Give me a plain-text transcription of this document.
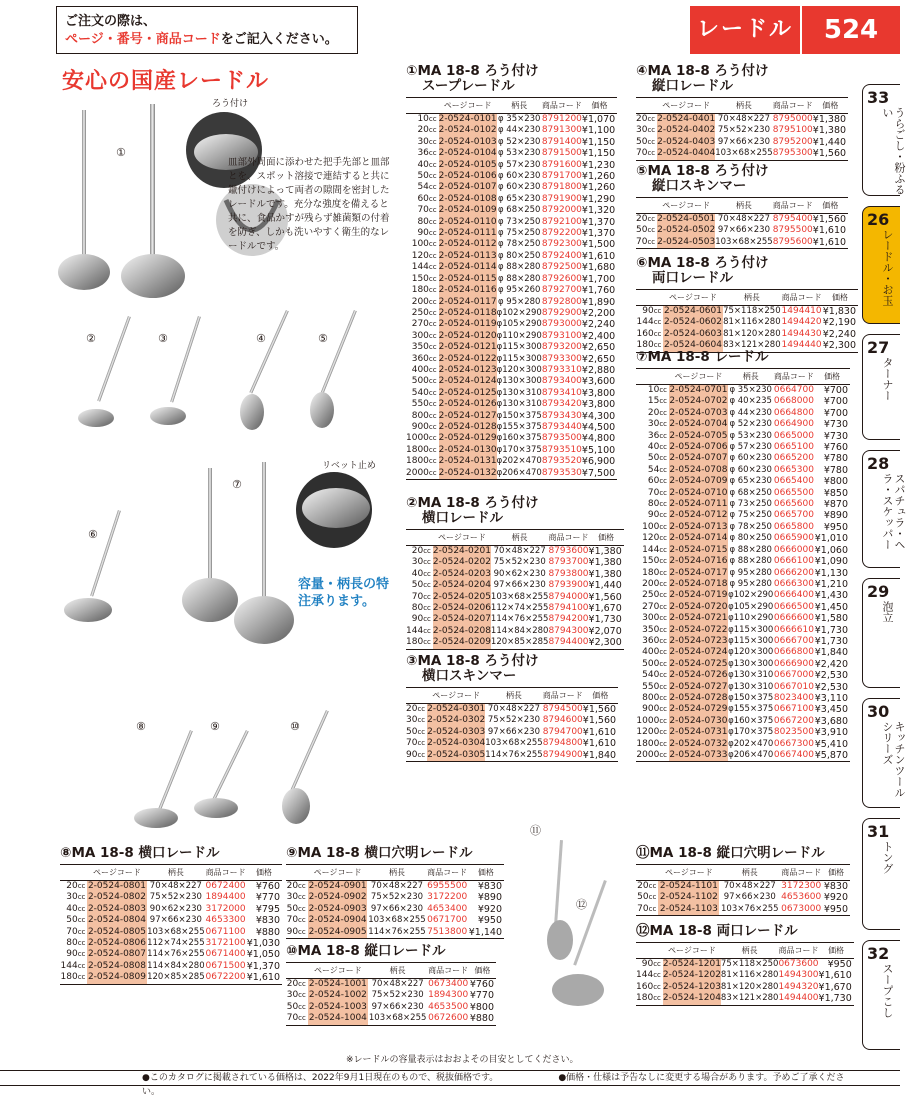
ご注文の際は、
ページ・番号・商品コードをご記入ください。	レードル	524
安心の国産レードル
ろう付け
リベット止め
皿部外周面に添わせた把手先部と皿部とを、スポット溶接で連結すると共に鑞付けによって両者の隙間を密封したレードルです。充分な強度を備えると共に、食品かすが残らず雑菌類の付着を防ぎ、しかも洗いやすく衛生的なレードルです。
容量・柄長の特注承ります。
①
②	③	④	⑤
⑥
⑦
⑧	⑨	⑩
⑪
⑫
①MA 18-8 ろう付け
スープレードル
	ページコード	柄長	商品コード	価格
10cc	2-0524-0101	φ 35×230	8791200	¥1,070
20cc	2-0524-0102	φ 44×230	8791300	¥1,100
30cc	2-0524-0103	φ 52×230	8791400	¥1,150
36cc	2-0524-0104	φ 53×230	8791500	¥1,150
40cc	2-0524-0105	φ 57×230	8791600	¥1,230
50cc	2-0524-0106	φ 60×230	8791700	¥1,260
54cc	2-0524-0107	φ 60×230	8791800	¥1,260
60cc	2-0524-0108	φ 65×230	8791900	¥1,290
70cc	2-0524-0109	φ 68×250	8792000	¥1,320
80cc	2-0524-0110	φ 73×250	8792100	¥1,370
90cc	2-0524-0111	φ 75×250	8792200	¥1,370
100cc	2-0524-0112	φ 78×250	8792300	¥1,500
120cc	2-0524-0113	φ 80×250	8792400	¥1,610
144cc	2-0524-0114	φ 88×280	8792500	¥1,680
150cc	2-0524-0115	φ 88×280	8792600	¥1,700
180cc	2-0524-0116	φ 95×260	8792700	¥1,760
200cc	2-0524-0117	φ 95×280	8792800	¥1,890
250cc	2-0524-0118	φ102×290	8792900	¥2,200
270cc	2-0524-0119	φ105×290	8793000	¥2,240
300cc	2-0524-0120	φ110×290	8793100	¥2,400
350cc	2-0524-0121	φ115×300	8793200	¥2,650
360cc	2-0524-0122	φ115×300	8793300	¥2,650
400cc	2-0524-0123	φ120×300	8793310	¥2,880
500cc	2-0524-0124	φ130×300	8793400	¥3,600
540cc	2-0524-0125	φ130×310	8793410	¥3,800
550cc	2-0524-0126	φ130×310	8793420	¥3,800
800cc	2-0524-0127	φ150×375	8793430	¥4,300
900cc	2-0524-0128	φ155×375	8793440	¥4,500
1000cc	2-0524-0129	φ160×375	8793500	¥4,800
1800cc	2-0524-0130	φ170×375	8793510	¥5,100
1800cc	2-0524-0131	φ202×470	8793520	¥6,900
2000cc	2-0524-0132	φ206×470	8793530	¥7,500
②MA 18-8 ろう付け
横口レードル
	ページコード	柄長	商品コード	価格
20cc	2-0524-0201	70×48×227	8793600	¥1,380
30cc	2-0524-0202	75×52×230	8793700	¥1,380
40cc	2-0524-0203	90×62×230	8793800	¥1,380
50cc	2-0524-0204	97×66×230	8793900	¥1,440
70cc	2-0524-0205	103×68×255	8794000	¥1,560
80cc	2-0524-0206	112×74×255	8794100	¥1,670
90cc	2-0524-0207	114×76×255	8794200	¥1,730
144cc	2-0524-0208	114×84×280	8794300	¥2,070
180cc	2-0524-0209	120×85×285	8794400	¥2,300
③MA 18-8 ろう付け
横口スキンマー
	ページコード	柄長	商品コード	価格
20cc	2-0524-0301	70×48×227	8794500	¥1,560
30cc	2-0524-0302	75×52×230	8794600	¥1,560
50cc	2-0524-0303	97×66×230	8794700	¥1,610
70cc	2-0524-0304	103×68×255	8794800	¥1,610
90cc	2-0524-0305	114×76×255	8794900	¥1,840
④MA 18-8 ろう付け
縦口レードル
	ページコード	柄長	商品コード	価格
20cc	2-0524-0401	70×48×227	8795000	¥1,380
30cc	2-0524-0402	75×52×230	8795100	¥1,380
50cc	2-0524-0403	97×66×230	8795200	¥1,440
70cc	2-0524-0404	103×68×255	8795300	¥1,560
⑤MA 18-8 ろう付け
縦口スキンマー
	ページコード	柄長	商品コード	価格
20cc	2-0524-0501	70×48×227	8795400	¥1,560
50cc	2-0524-0502	97×66×230	8795500	¥1,610
70cc	2-0524-0503	103×68×255	8795600	¥1,610
⑥MA 18-8 ろう付け
両口レードル
	ページコード	柄長	商品コード	価格
90cc	2-0524-0601	75×118×250	1494410	¥1,830
144cc	2-0524-0602	81×116×280	1494420	¥2,190
160cc	2-0524-0603	81×120×280	1494430	¥2,240
180cc	2-0524-0604	83×121×280	1494440	¥2,300
⑦MA 18-8 レードル
	ページコード	柄長	商品コード	価格
10cc	2-0524-0701	φ 35×230	0664700	¥700
15cc	2-0524-0702	φ 40×235	0668000	¥700
20cc	2-0524-0703	φ 44×230	0664800	¥700
30cc	2-0524-0704	φ 52×230	0664900	¥730
36cc	2-0524-0705	φ 53×230	0665000	¥730
40cc	2-0524-0706	φ 57×230	0665100	¥760
50cc	2-0524-0707	φ 60×230	0665200	¥780
54cc	2-0524-0708	φ 60×230	0665300	¥780
60cc	2-0524-0709	φ 65×230	0665400	¥800
70cc	2-0524-0710	φ 68×250	0665500	¥850
80cc	2-0524-0711	φ 73×250	0665600	¥870
90cc	2-0524-0712	φ 75×250	0665700	¥890
100cc	2-0524-0713	φ 78×250	0665800	¥950
120cc	2-0524-0714	φ 80×250	0665900	¥1,010
144cc	2-0524-0715	φ 88×280	0666000	¥1,060
150cc	2-0524-0716	φ 88×280	0666100	¥1,090
180cc	2-0524-0717	φ 95×280	0666200	¥1,130
200cc	2-0524-0718	φ 95×280	0666300	¥1,210
250cc	2-0524-0719	φ102×290	0666400	¥1,430
270cc	2-0524-0720	φ105×290	0666500	¥1,450
300cc	2-0524-0721	φ110×290	0666600	¥1,580
350cc	2-0524-0722	φ115×300	0666610	¥1,730
360cc	2-0524-0723	φ115×300	0666700	¥1,730
400cc	2-0524-0724	φ120×300	0666800	¥1,840
500cc	2-0524-0725	φ130×300	0666900	¥2,420
540cc	2-0524-0726	φ130×310	0667000	¥2,530
550cc	2-0524-0727	φ130×310	0667010	¥2,530
800cc	2-0524-0728	φ150×375	8023400	¥3,110
900cc	2-0524-0729	φ155×375	0667100	¥3,450
1000cc	2-0524-0730	φ160×375	0667200	¥3,680
1200cc	2-0524-0731	φ170×375	8023500	¥3,910
1800cc	2-0524-0732	φ202×470	0667300	¥5,410
2000cc	2-0524-0733	φ206×470	0667400	¥5,870
⑧MA 18-8 横口レードル
	ページコード	柄長	商品コード	価格
20cc	2-0524-0801	70×48×227	0672400	¥760
30cc	2-0524-0802	75×52×230	1894400	¥770
40cc	2-0524-0803	90×62×230	3172000	¥795
50cc	2-0524-0804	97×66×230	4653300	¥830
70cc	2-0524-0805	103×68×255	0671100	¥880
80cc	2-0524-0806	112×74×255	3172100	¥1,030
90cc	2-0524-0807	114×76×255	0671400	¥1,050
144cc	2-0524-0808	114×84×280	0671500	¥1,370
180cc	2-0524-0809	120×85×285	0672200	¥1,610
⑨MA 18-8 横口穴明レードル
	ページコード	柄長	商品コード	価格
20cc	2-0524-0901	70×48×227	6955500	¥830
30cc	2-0524-0902	75×52×230	3172200	¥890
50cc	2-0524-0903	97×66×230	4653400	¥920
70cc	2-0524-0904	103×68×255	0671700	¥950
90cc	2-0524-0905	114×76×255	7513800	¥1,140
⑩MA 18-8 縦口レードル
	ページコード	柄長	商品コード	価格
20cc	2-0524-1001	70×48×227	0673400	¥760
30cc	2-0524-1002	75×52×230	1894300	¥770
50cc	2-0524-1003	97×66×230	4653500	¥800
70cc	2-0524-1004	103×68×255	0672600	¥880
⑪MA 18-8 縦口穴明レードル
	ページコード	柄長	商品コード	価格
20cc	2-0524-1101	70×48×227	3172300	¥830
50cc	2-0524-1102	97×66×230	4653600	¥920
70cc	2-0524-1103	103×76×255	0673000	¥950
⑫MA 18-8 両口レードル
	ページコード	柄長	商品コード	価格
90cc	2-0524-1201	75×118×250	0673600	¥950
144cc	2-0524-1202	81×116×280	1494300	¥1,610
160cc	2-0524-1203	81×120×280	1494320	¥1,670
180cc	2-0524-1204	83×121×280	1494400	¥1,730
33
うらごし・粉ふるい
26
レードル・お玉
27
ターナー
28
スパチュラ・ヘラ・スケッパー
29
泡立
30
キッチンツールシリーズ
31
トング
32
スープこし
※レードルの容量表示はおおよその目安としてください。
●このカタログに掲載されている価格は、2022年9月1日現在のもので、税抜価格です。	●価格・仕様は予告なしに変更する場合があります。予めご了承ください。
